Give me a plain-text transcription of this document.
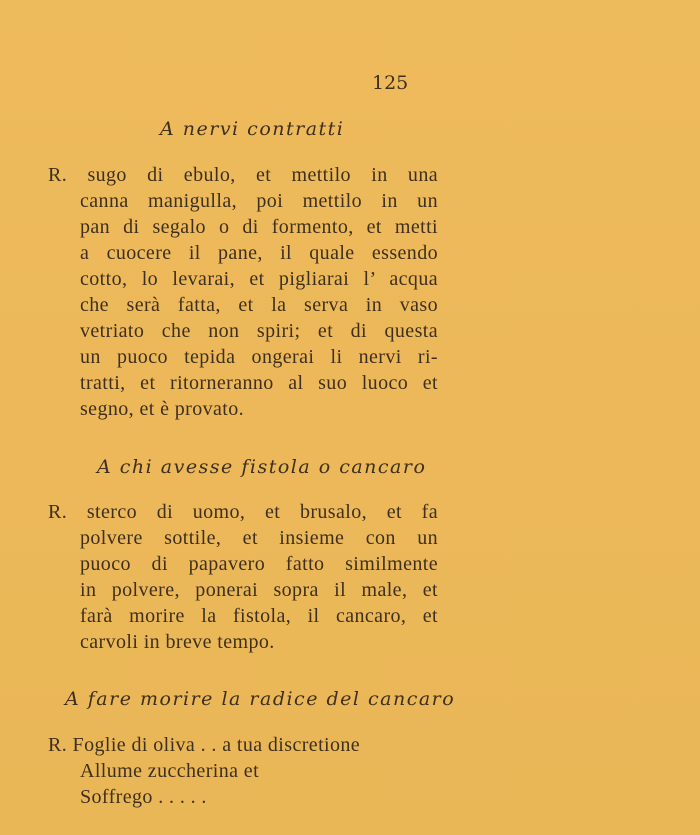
125
A nervi contratti
R. sugo di ebulo, et mettilo in una
canna manigulla, poi mettilo in un
pan di segalo o di formento, et metti
a cuocere il pane, il quale essendo
cotto, lo levarai, et pigliarai l’ acqua
che serà fatta, et la serva in vaso
vetriato che non spiri; et di questa
un puoco tepida ongerai li nervi ri-
tratti, et ritorneranno al suo luoco et
segno, et è provato.
A chi avesse fistola o cancaro
R. sterco di uomo, et brusalo, et fa
polvere sottile, et insieme con un
puoco di papavero fatto similmente
in polvere, ponerai sopra il male, et
farà morire la fistola, il cancaro, et
carvoli in breve tempo.
A fare morire la radice del cancaro
R. Foglie di oliva . . a tua discretione
Allume zuccherina et
Soffrego . . . . .
